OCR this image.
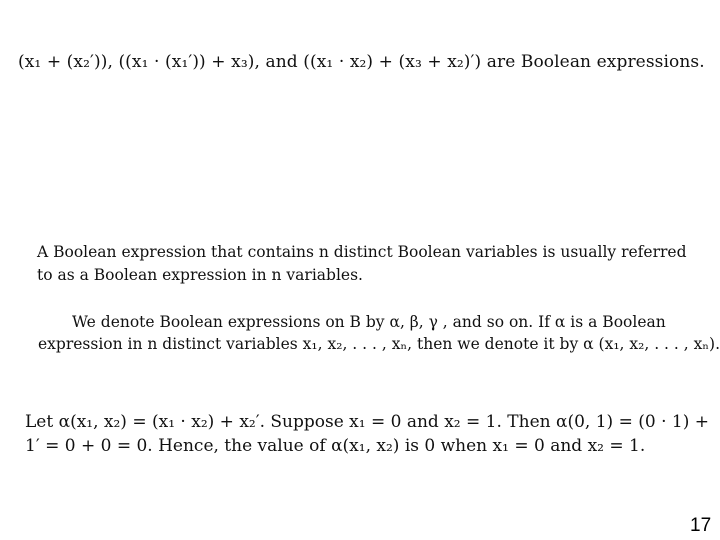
(x₁ + (x₂′)), ((x₁ · (x₁′)) + x₃), and ((x₁ · x₂) + (x₃ + x₂)′) are Boolean expressions.
A Boolean expression that contains n distinct Boolean variables is usually referred
to as a Boolean expression in n variables.
We denote Boolean expressions on B by α, β, γ , and so on. If α is a Boolean
expression in n distinct variables x₁, x₂, . . . , xₙ, then we denote it by α (x₁, x₂, . . . , xₙ).
Let α(x₁, x₂) = (x₁ · x₂) + x₂′. Suppose x₁ = 0 and x₂ = 1. Then α(0, 1) = (0 · 1) +
1′ = 0 + 0 = 0. Hence, the value of α(x₁, x₂) is 0 when x₁ = 0 and x₂ = 1.
17
